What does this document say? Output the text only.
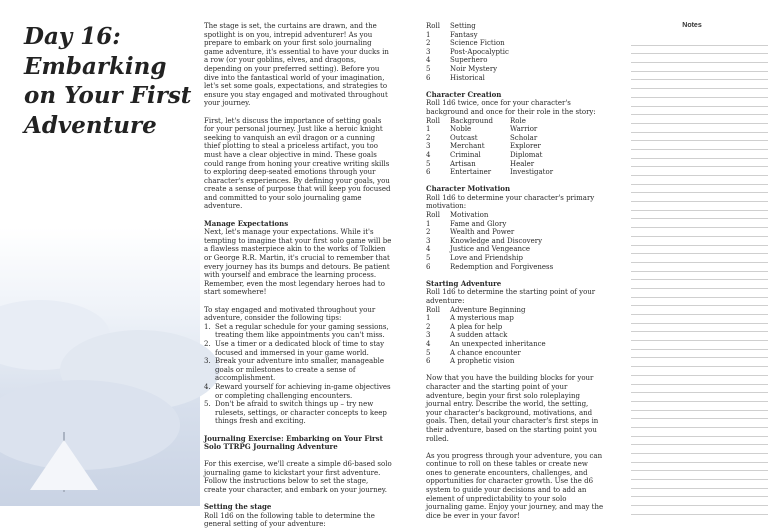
Day 16: Embarking on Your First Adventure

The stage is set, the curtains are drawn, and the spotlight is on you, intrepid adventurer! As you prepare to embark on your first solo journaling game adventure, it's essential to have your ducks in a row (or your goblins, elves, and dragons, depending on your preferred setting). Before you dive into the fantastical world of your imagination, let's set some goals, expectations, and strategies to ensure you stay engaged and motivated throughout your journey.

First, let's discuss the importance of setting goals for your personal journey. Just like a heroic knight seeking to vanquish an evil dragon or a cunning thief plotting to steal a priceless artifact, you too must have a clear objective in mind. These goals could range from honing your creative writing skills to exploring deep-seated emotions through your character's experiences. By defining your goals, you create a sense of purpose that will keep you focused and committed to your solo journaling game adventure.

Manage Expectations

Next, let's manage your expectations. While it's tempting to imagine that your first solo game will be a flawless masterpiece akin to the works of Tolkien or George R.R. Martin, it's crucial to remember that every journey has its bumps and detours. Be patient with yourself and embrace the learning process. Remember, even the most legendary heroes had to start somewhere!

To stay engaged and motivated throughout your adventure, consider the following tips:
1. Set a regular schedule for your gaming sessions, treating them like appointments you can't miss.
2. Use a timer or a dedicated block of time to stay focused and immersed in your game world.
3. Break your adventure into smaller, manageable goals or milestones to create a sense of accomplishment.
4. Reward yourself for achieving in-game objectives or completing challenging encounters.
5. Don't be afraid to switch things up – try new rulesets, settings, or character concepts to keep things fresh and exciting.

Journaling Exercise: Embarking on Your First Solo TTRPG Journaling Adventure

For this exercise, we'll create a simple d6-based solo journaling game to kickstart your first adventure. Follow the instructions below to set the stage, create your character, and embark on your journey.

Setting the stage
Roll 1d6 on the following table to determine the general setting of your adventure:
Roll	Setting
1	Fantasy
2	Science Fiction
3	Post-Apocalyptic
4	Superhero
5	Noir Mystery
6	Historical
Character Creation
Roll 1d6 twice, once for your character's background and once for their role in the story:
Roll	Background	Role
1	Noble	Warrior
2	Outcast	Scholar
3	Merchant	Explorer
4	Criminal	Diplomat
5	Artisan	Healer
6	Entertainer	Investigator
Character Motivation
Roll 1d6 to determine your character's primary motivation:
Roll	Motivation
1	Fame and Glory
2	Wealth and Power
3	Knowledge and Discovery
4	Justice and Vengeance
5	Love and Friendship
6	Redemption and Forgiveness
Starting Adventure
Roll 1d6 to determine the starting point of your adventure:
Roll	Adventure Beginning
1	A mysterious map
2	A plea for help
3	A sudden attack
4	An unexpected inheritance
5	A chance encounter
6	A prophetic vision

Now that you have the building blocks for your character and the starting point of your adventure, begin your first solo roleplaying journal entry. Describe the world, the setting, your character's background, motivations, and goals. Then, detail your character's first steps in their adventure, based on the starting point you rolled.

As you progress through your adventure, you can continue to roll on these tables or create new ones to generate encounters, challenges, and opportunities for character growth. Use the d6 system to guide your decisions and to add an element of unpredictability to your solo journaling game. Enjoy your journey, and may the dice be ever in your favor!

Notes
